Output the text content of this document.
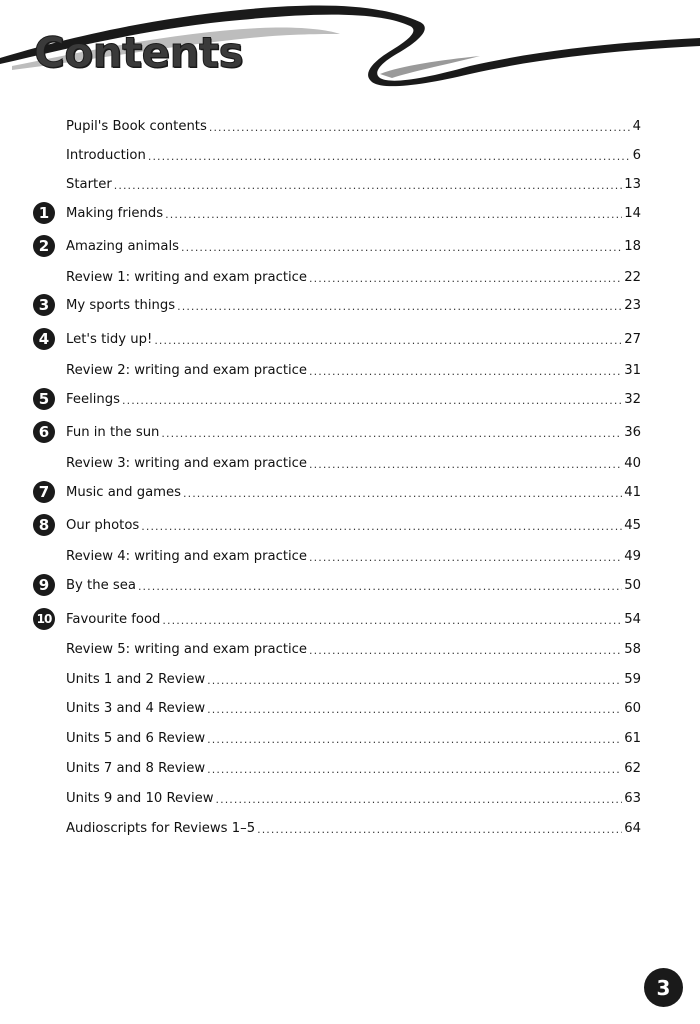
Contents
Pupil's Book contents .....	4
Introduction .....	6
Starter .....	13
1	Making friends .....	14
2	Amazing animals .....	18
Review 1: writing and exam practice .....	22
3	My sports things .....	23
4	Let's tidy up! .....	27
Review 2: writing and exam practice .....	31
5	Feelings .....	32
6	Fun in the sun .....	36
Review 3: writing and exam practice .....	40
7	Music and games .....	41
8	Our photos .....	45
Review 4: writing and exam practice .....	49
9	By the sea .....	50
10 Favourite food .....	54
Review 5: writing and exam practice .....	58
Units 1 and 2 Review .....	59
Units 3 and 4 Review .....	60
Units 5 and 6 Review .....	61
Units 7 and 8 Review .....	62
Units 9 and 10 Review .....	63
Audioscripts for Reviews 1–5 .....	64
3
